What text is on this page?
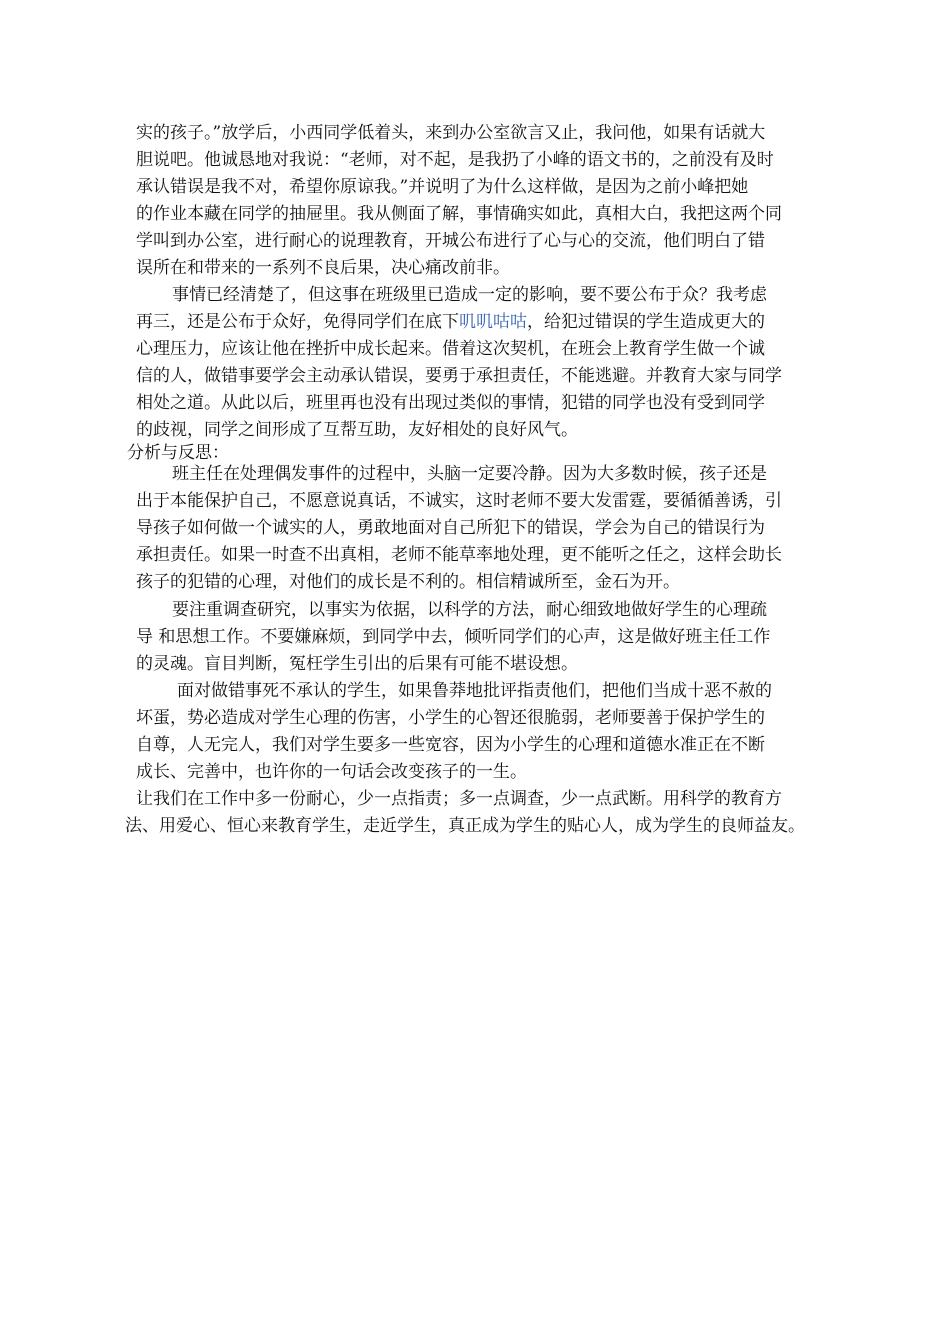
实的孩子。”放学后，小西同学低着头，来到办公室欲言又止，我问他，如果有话就大
胆说吧。他诚恳地对我说：“老师，对不起，是我扔了小峰的语文书的，之前没有及时
承认错误是我不对，希望你原谅我。”并说明了为什么这样做，是因为之前小峰把她
的作业本藏在同学的抽屉里。我从侧面了解，事情确实如此，真相大白，我把这两个同
学叫到办公室，进行耐心的说理教育，开城公布进行了心与心的交流，他们明白了错
误所在和带来的一系列不良后果，决心痛改前非。
事情已经清楚了，但这事在班级里已造成一定的影响，要不要公布于众？我考虑
再三，还是公布于众好，免得同学们在底下叽叽咕咕，给犯过错误的学生造成更大的
心理压力，应该让他在挫折中成长起来。借着这次契机，在班会上教育学生做一个诚
信的人，做错事要学会主动承认错误，要勇于承担责任，不能逃避。并教育大家与同学
相处之道。从此以后，班里再也没有出现过类似的事情，犯错的同学也没有受到同学
的歧视，同学之间形成了互帮互助，友好相处的良好风气。
分析与反思：
班主任在处理偶发事件的过程中，头脑一定要冷静。因为大多数时候，孩子还是
出于本能保护自己，不愿意说真话，不诚实，这时老师不要大发雷霆，要循循善诱，引
导孩子如何做一个诚实的人，勇敢地面对自己所犯下的错误，学会为自己的错误行为
承担责任。如果一时查不出真相，老师不能草率地处理，更不能听之任之，这样会助长
孩子的犯错的心理，对他们的成长是不利的。相信精诚所至，金石为开。
要注重调查研究，以事实为依据，以科学的方法，耐心细致地做好学生的心理疏
导 和思想工作。不要嫌麻烦，到同学中去，倾听同学们的心声，这是做好班主任工作
的灵魂。盲目判断，冤枉学生引出的后果有可能不堪设想。
面对做错事死不承认的学生，如果鲁莽地批评指责他们，把他们当成十恶不赦的
坏蛋，势必造成对学生心理的伤害，小学生的心智还很脆弱，老师要善于保护学生的
自尊，人无完人，我们对学生要多一些宽容，因为小学生的心理和道德水准正在不断
成长、完善中，也许你的一句话会改变孩子的一生。
让我们在工作中多一份耐心，少一点指责；多一点调查，少一点武断。用科学的教育方
法、用爱心、恒心来教育学生，走近学生，真正成为学生的贴心人，成为学生的良师益友。
